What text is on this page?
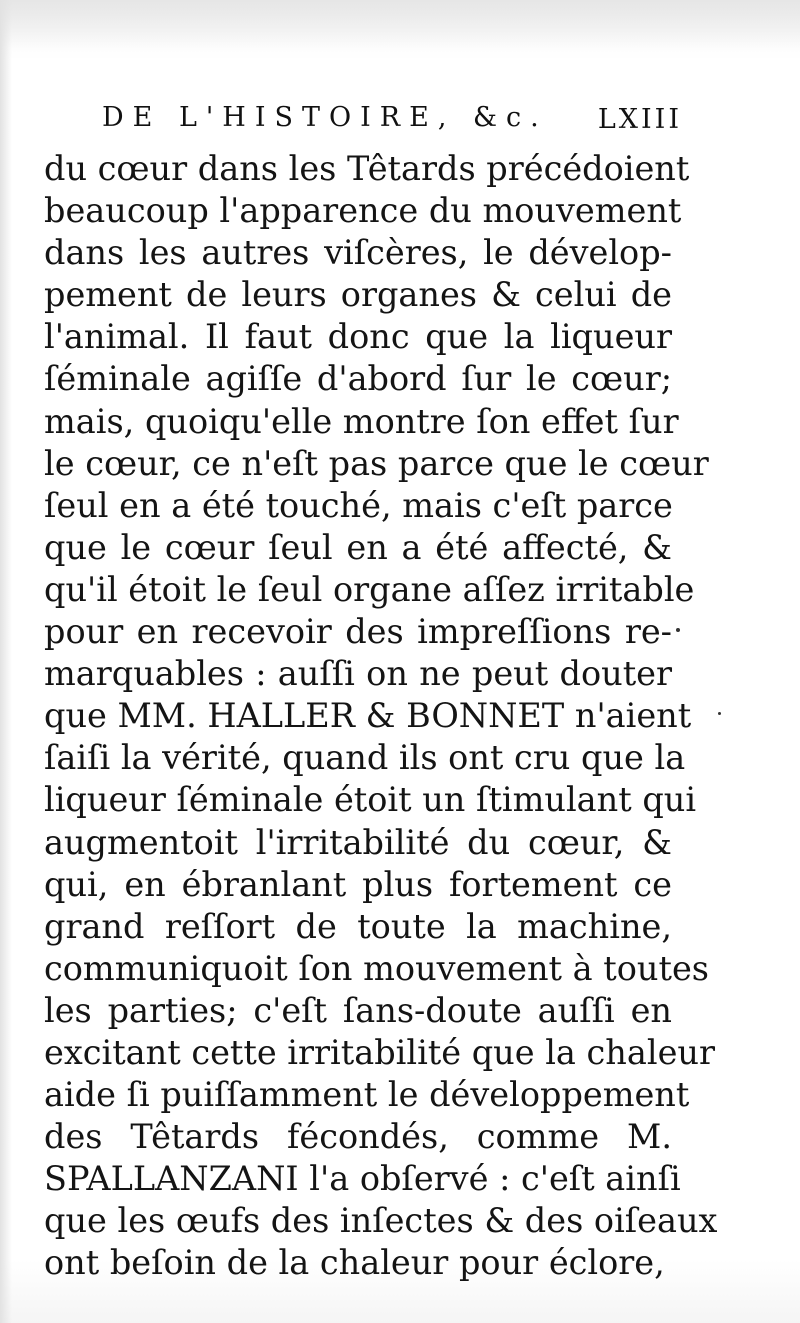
DE L'HISTOIRE, &c. LXIII
du cœur dans les Têtards précédoient
beaucoup l'apparence du mouvement
dans les autres viſcères, le dévelop-
pement de leurs organes & celui de
l'animal. Il faut donc que la liqueur
ſéminale agiſſe d'abord ſur le cœur;
mais, quoiqu'elle montre ſon effet ſur
le cœur, ce n'eſt pas parce que le cœur
ſeul en a été touché, mais c'eſt parce
que le cœur ſeul en a été affecté, &
qu'il étoit le ſeul organe aſſez irritable
pour en recevoir des impreſſions re-
marquables : auſſi on ne peut douter
que MM. HALLER & BONNET n'aient
ſaiſi la vérité, quand ils ont cru que la
liqueur ſéminale étoit un ſtimulant qui
augmentoit l'irritabilité du cœur, &
qui, en ébranlant plus fortement ce
grand reſſort de toute la machine,
communiquoit ſon mouvement à toutes
les parties; c'eſt ſans-doute auſſi en
excitant cette irritabilité que la chaleur
aide ſi puiſſamment le développement
des Têtards fécondés, comme M.
SPALLANZANI l'a obſervé : c'eſt ainſi
que les œufs des inſectes & des oiſeaux
ont beſoin de la chaleur pour éclore,
